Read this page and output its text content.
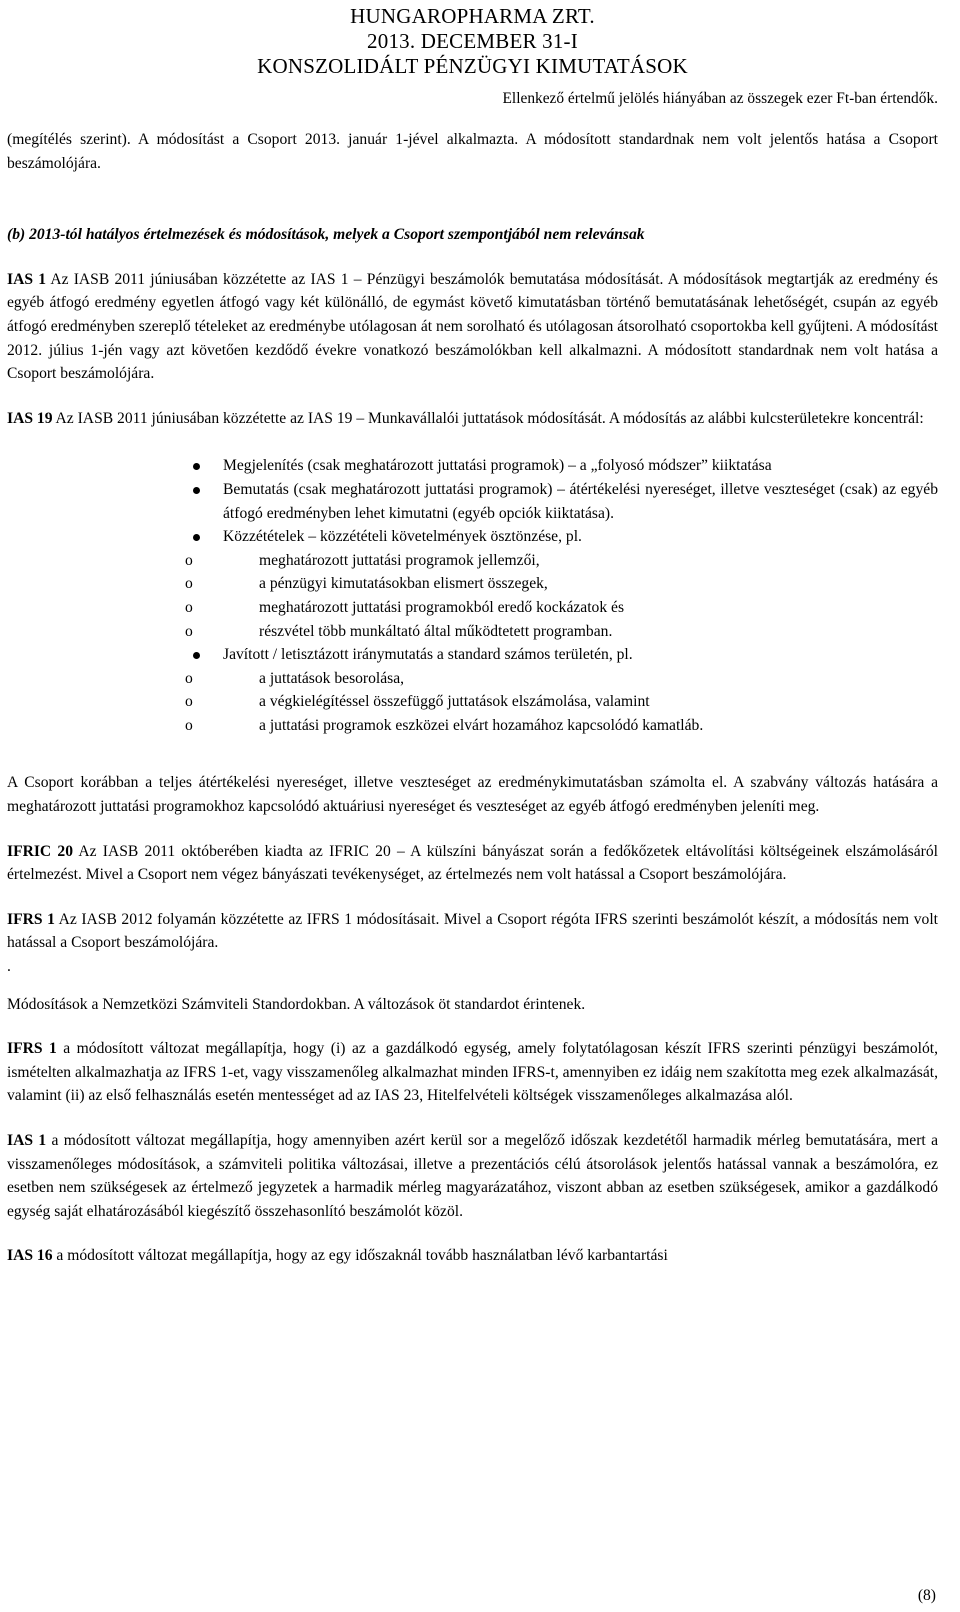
HUNGAROPHARMA ZRT.
2013. DECEMBER 31-I
KONSZOLIDÁLT PÉNZÜGYI KIMUTATÁSOK
Ellenkező értelmű jelölés hiányában az összegek ezer Ft-ban értendők.

(megítélés szerint). A módosítást a Csoport 2013. január 1-jével alkalmazta. A módosított standardnak nem volt jelentős hatása a Csoport beszámolójára.

(b) 2013-tól hatályos értelmezések és módosítások, melyek a Csoport szempontjából nem relevánsak

IAS 1 Az IASB 2011 júniusában közzétette az IAS 1 – Pénzügyi beszámolók bemutatása módosítását. A módosítások megtartják az eredmény és egyéb átfogó eredmény egyetlen átfogó vagy két különálló, de egymást követő kimutatásban történő bemutatásának lehetőségét, csupán az egyéb átfogó eredményben szereplő tételeket az eredménybe utólagosan át nem sorolható és utólagosan átsorolható csoportokba kell gyűjteni. A módosítást 2012. július 1-jén vagy azt követően kezdődő évekre vonatkozó beszámolókban kell alkalmazni. A módosított standardnak nem volt hatása a Csoport beszámolójára.

IAS 19 Az IASB 2011 júniusában közzétette az IAS 19 – Munkavállalói juttatások módosítását. A módosítás az alábbi kulcsterületekre koncentrál:

Megjelenítés (csak meghatározott juttatási programok) – a „folyosó módszer” kiiktatása
Bemutatás (csak meghatározott juttatási programok) – átértékelési nyereséget, illetve veszteséget (csak) az egyéb átfogó eredményben lehet kimutatni (egyéb opciók kiiktatása).
Közzétételek – közzétételi követelmények ösztönzése, pl.
o	meghatározott juttatási programok jellemzői,
o	a pénzügyi kimutatásokban elismert összegek,
o	meghatározott juttatási programokból eredő kockázatok és
o	részvétel több munkáltató által működtetett programban.
Javított / letisztázott iránymutatás a standard számos területén, pl.
o	a juttatások besorolása,
o	a végkielégítéssel összefüggő juttatások elszámolása, valamint
o	a juttatási programok eszközei elvárt hozamához kapcsolódó kamatláb.

A Csoport korábban a teljes átértékelési nyereséget, illetve veszteséget az eredménykimutatásban számolta el. A szabvány változás hatására a meghatározott juttatási programokhoz kapcsolódó aktuáriusi nyereséget és veszteséget az egyéb átfogó eredményben jeleníti meg.

IFRIC 20 Az IASB 2011 októberében kiadta az IFRIC 20 – A külszíni bányászat során a fedőkőzetek eltávolítási költségeinek elszámolásáról értelmezést. Mivel a Csoport nem végez bányászati tevékenységet, az értelmezés nem volt hatással a Csoport beszámolójára.

IFRS 1 Az IASB 2012 folyamán közzétette az IFRS 1 módosításait. Mivel a Csoport régóta IFRS szerinti beszámolót készít, a módosítás nem volt hatással a Csoport beszámolójára.

.

Módosítások a Nemzetközi Számviteli Standordokban. A változások öt standardot érintenek.

IFRS 1 a módosított változat megállapítja, hogy (i) az a gazdálkodó egység, amely folytatólagosan készít IFRS szerinti pénzügyi beszámolót, ismételten alkalmazhatja az IFRS 1-et, vagy visszamenőleg alkalmazhat minden IFRS-t, amennyiben ez idáig nem szakította meg ezek alkalmazását, valamint (ii) az első felhasználás esetén mentességet ad az IAS 23, Hitelfelvételi költségek visszamenőleges alkalmazása alól.

IAS 1 a módosított változat megállapítja, hogy amennyiben azért kerül sor a megelőző időszak kezdetétől harmadik mérleg bemutatására, mert a visszamenőleges módosítások, a számviteli politika változásai, illetve a prezentációs célú átsorolások jelentős hatással vannak a beszámolóra, ez esetben nem szükségesek az értelmező jegyzetek a harmadik mérleg magyarázatához, viszont abban az esetben szükségesek, amikor a gazdálkodó egység saját elhatározásából kiegészítő összehasonlító beszámolót közöl.

IAS 16 a módosított változat megállapítja, hogy az egy időszaknál tovább használatban lévő karbantartási

(8)
